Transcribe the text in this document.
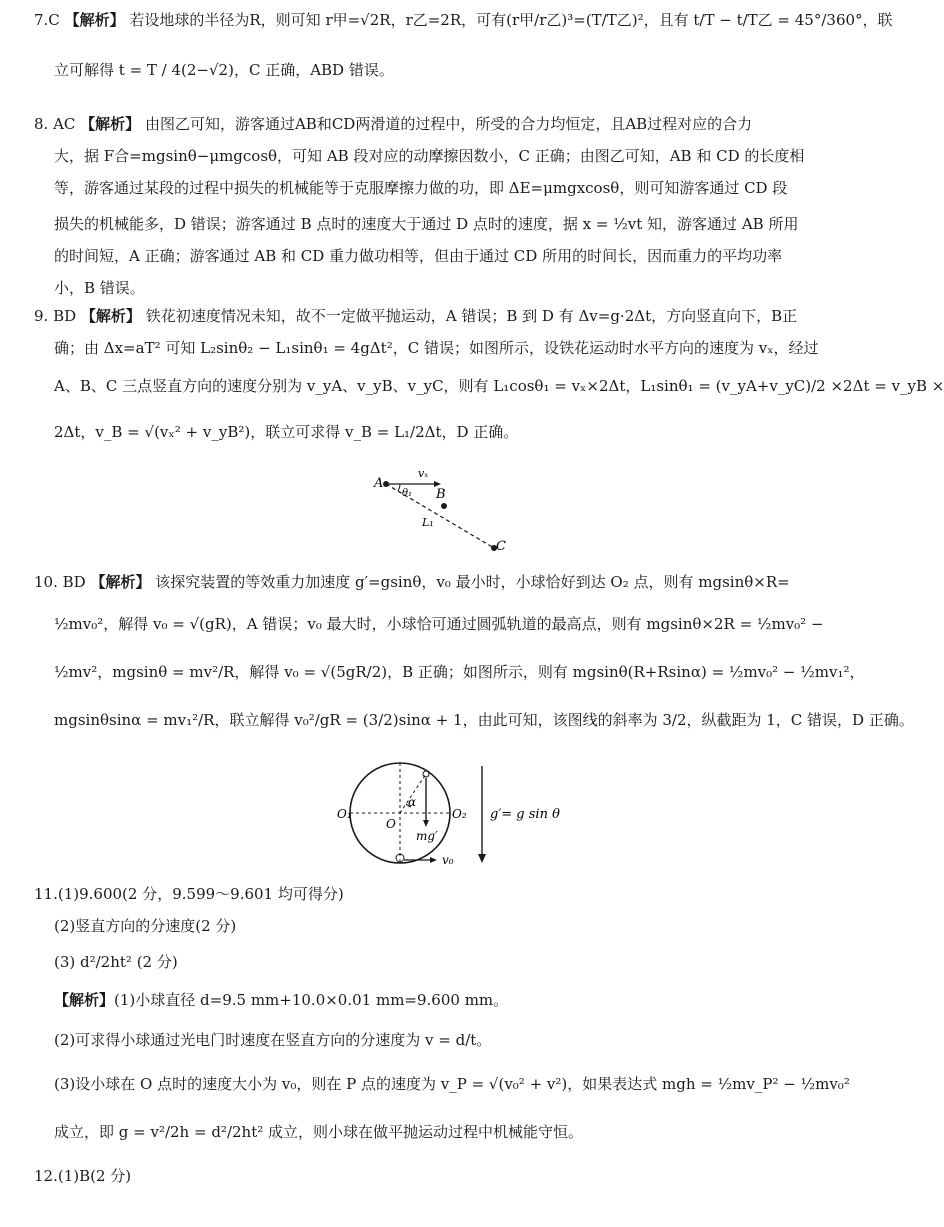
7.C 【解析】 若设地球的半径为R，则可知 r甲=√2R，r乙=2R，可有(r甲/r乙)³=(T/T乙)²，且有 t/T − t/T乙 = 45°/360°，联
立可解得 t = T / 4(2−√2)，C 正确，ABD 错误。
8. AC 【解析】 由图乙可知，游客通过AB和CD两滑道的过程中，所受的合力均恒定，且AB过程对应的合力
大，据 F合=mgsinθ−μmgcosθ，可知 AB 段对应的动摩擦因数小，C 正确；由图乙可知，AB 和 CD 的长度相
等，游客通过某段的过程中损失的机械能等于克服摩擦力做的功，即 ΔE=μmgxcosθ，则可知游客通过 CD 段
损失的机械能多，D 错误；游客通过 B 点时的速度大于通过 D 点时的速度，据 x = ½vt 知，游客通过 AB 所用
的时间短，A 正确；游客通过 AB 和 CD 重力做功相等，但由于通过 CD 所用的时间长，因而重力的平均功率
小，B 错误。
9. BD 【解析】 铁花初速度情况未知，故不一定做平抛运动，A 错误；B 到 D 有 Δv=g·2Δt，方向竖直向下，B正
确；由 Δx=aT² 可知 L₂sinθ₂ − L₁sinθ₁ = 4gΔt²，C 错误；如图所示，设铁花运动时水平方向的速度为 vₓ，经过
A、B、C 三点竖直方向的速度分别为 v_yA、v_yB、v_yC，则有 L₁cosθ₁ = vₓ×2Δt，L₁sinθ₁ = (v_yA+v_yC)/2 ×2Δt = v_yB ×
2Δt，v_B = √(vₓ² + v_yB²)，联立可求得 v_B = L₁/2Δt，D 正确。
A
B
C
vₓ
θ₁
L₁
10. BD 【解析】 该探究装置的等效重力加速度 g′=gsinθ，v₀ 最小时，小球恰好到达 O₂ 点，则有 mgsinθ×R=
½mv₀²，解得 v₀ = √(gR)，A 错误；v₀ 最大时，小球恰可通过圆弧轨道的最高点，则有 mgsinθ×2R = ½mv₀² −
½mv²，mgsinθ = mv²/R，解得 v₀ = √(5gR/2)，B 正确；如图所示，则有 mgsinθ(R+Rsinα) = ½mv₀² − ½mv₁²，
mgsinθsinα = mv₁²/R，联立解得 v₀²/gR = (3/2)sinα + 1，由此可知，该图线的斜率为 3/2，纵截距为 1，C 错误，D 正确。
O₁
O
O₂
α
mg′
v₀
g′= g sin θ
11.(1)9.600(2 分，9.599～9.601 均可得分)
(2)竖直方向的分速度(2 分)
(3) d²/2ht² (2 分)
【解析】(1)小球直径 d=9.5 mm+10.0×0.01 mm=9.600 mm。
(2)可求得小球通过光电门时速度在竖直方向的分速度为 v = d/t。
(3)设小球在 O 点时的速度大小为 v₀，则在 P 点的速度为 v_P = √(v₀² + v²)，如果表达式 mgh = ½mv_P² − ½mv₀²
成立，即 g = v²/2h = d²/2ht² 成立，则小球在做平抛运动过程中机械能守恒。
12.(1)B(2 分)
